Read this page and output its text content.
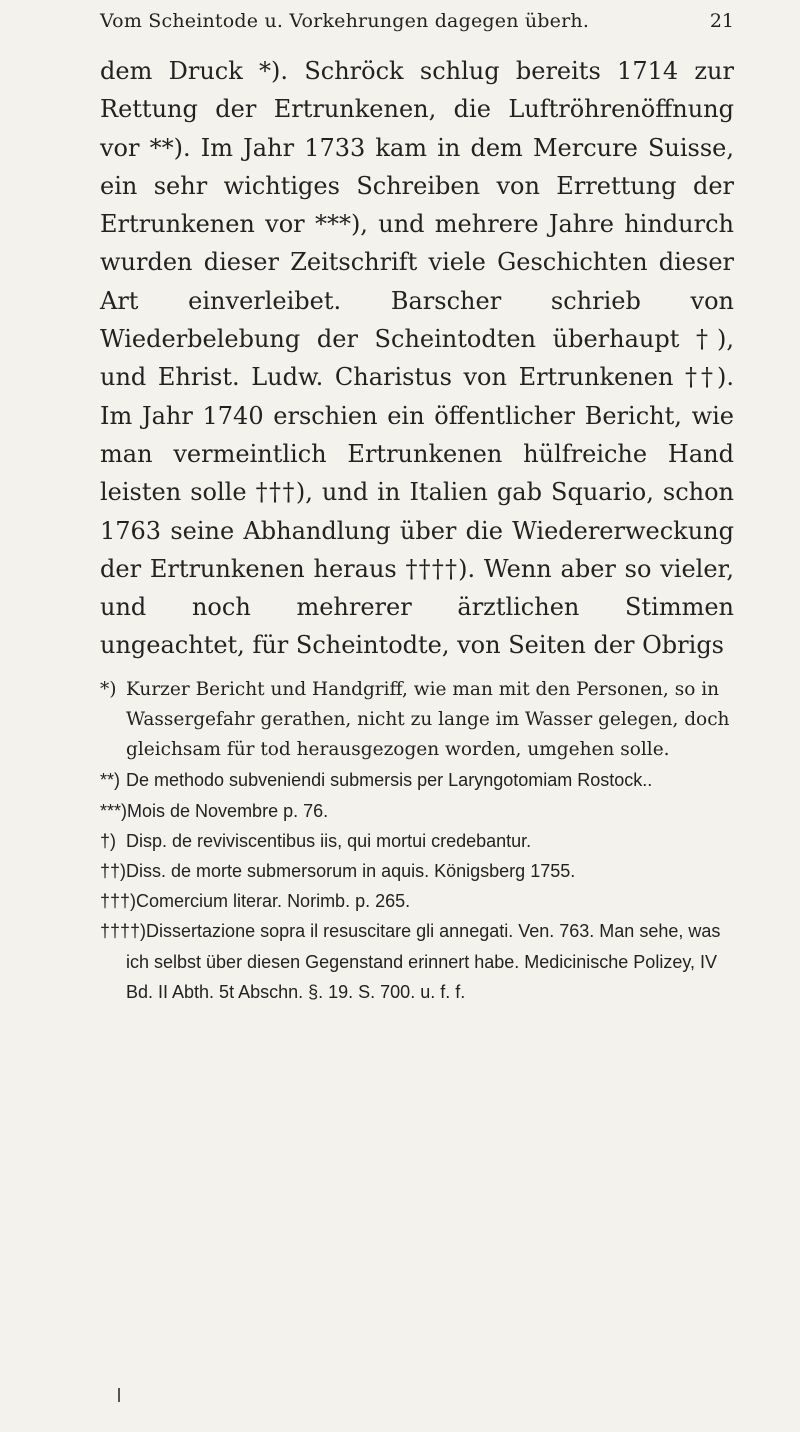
Vom Scheintode u. Vorkehrungen dagegen überh.	21

dem Druck *). Schröck schlug bereits 1714 zur Rettung der Ertrunkenen, die Luftröhrenöffnung vor **). Im Jahr 1733 kam in dem Mercure Suisse, ein sehr wichtiges Schreiben von Errettung der Ertrunkenen vor ***), und mehrere Jahre hindurch wurden dieser Zeitschrift viele Geschichten dieser Art einverleibet. Barscher schrieb von Wiederbelebung der Scheintodten überhaupt †), und Ehrist. Ludw. Charistus von Ertrunkenen ††). Im Jahr 1740 erschien ein öffentlicher Bericht, wie man vermeintlich Ertrunkenen hülfreiche Hand leisten solle †††), und in Italien gab Squario, schon 1763 seine Abhandlung über die Wiedererweckung der Ertrunkenen heraus ††††). Wenn aber so vieler, und noch mehrerer ärztlichen Stimmen ungeachtet, für Scheintodte, von Seiten der Obrigs

*) Kurzer Bericht und Handgriff, wie man mit den Personen, so in Wassergefahr gerathen, nicht zu lange im Wasser gelegen, doch gleichsam für tod herausgezogen worden, umgehen solle.

**) De methodo subveniendi submersis per Laryngotomiam Rostock..

***)Mois de Novembre p. 76.

†) Disp. de reviviscentibus iis, qui mortui credebantur.

††)Diss. de morte submersorum in aquis. Königsberg 1755.

†††)Comercium literar. Norimb. p. 265.

††††)Dissertazione sopra il resuscitare gli annegati. Ven. 763. Man sehe, was ich selbst über diesen Gegenstand erinnert habe. Medicinische Polizey, IV Bd. II Abth. 5t Abschn. §. 19. S. 700. u. f. f.
